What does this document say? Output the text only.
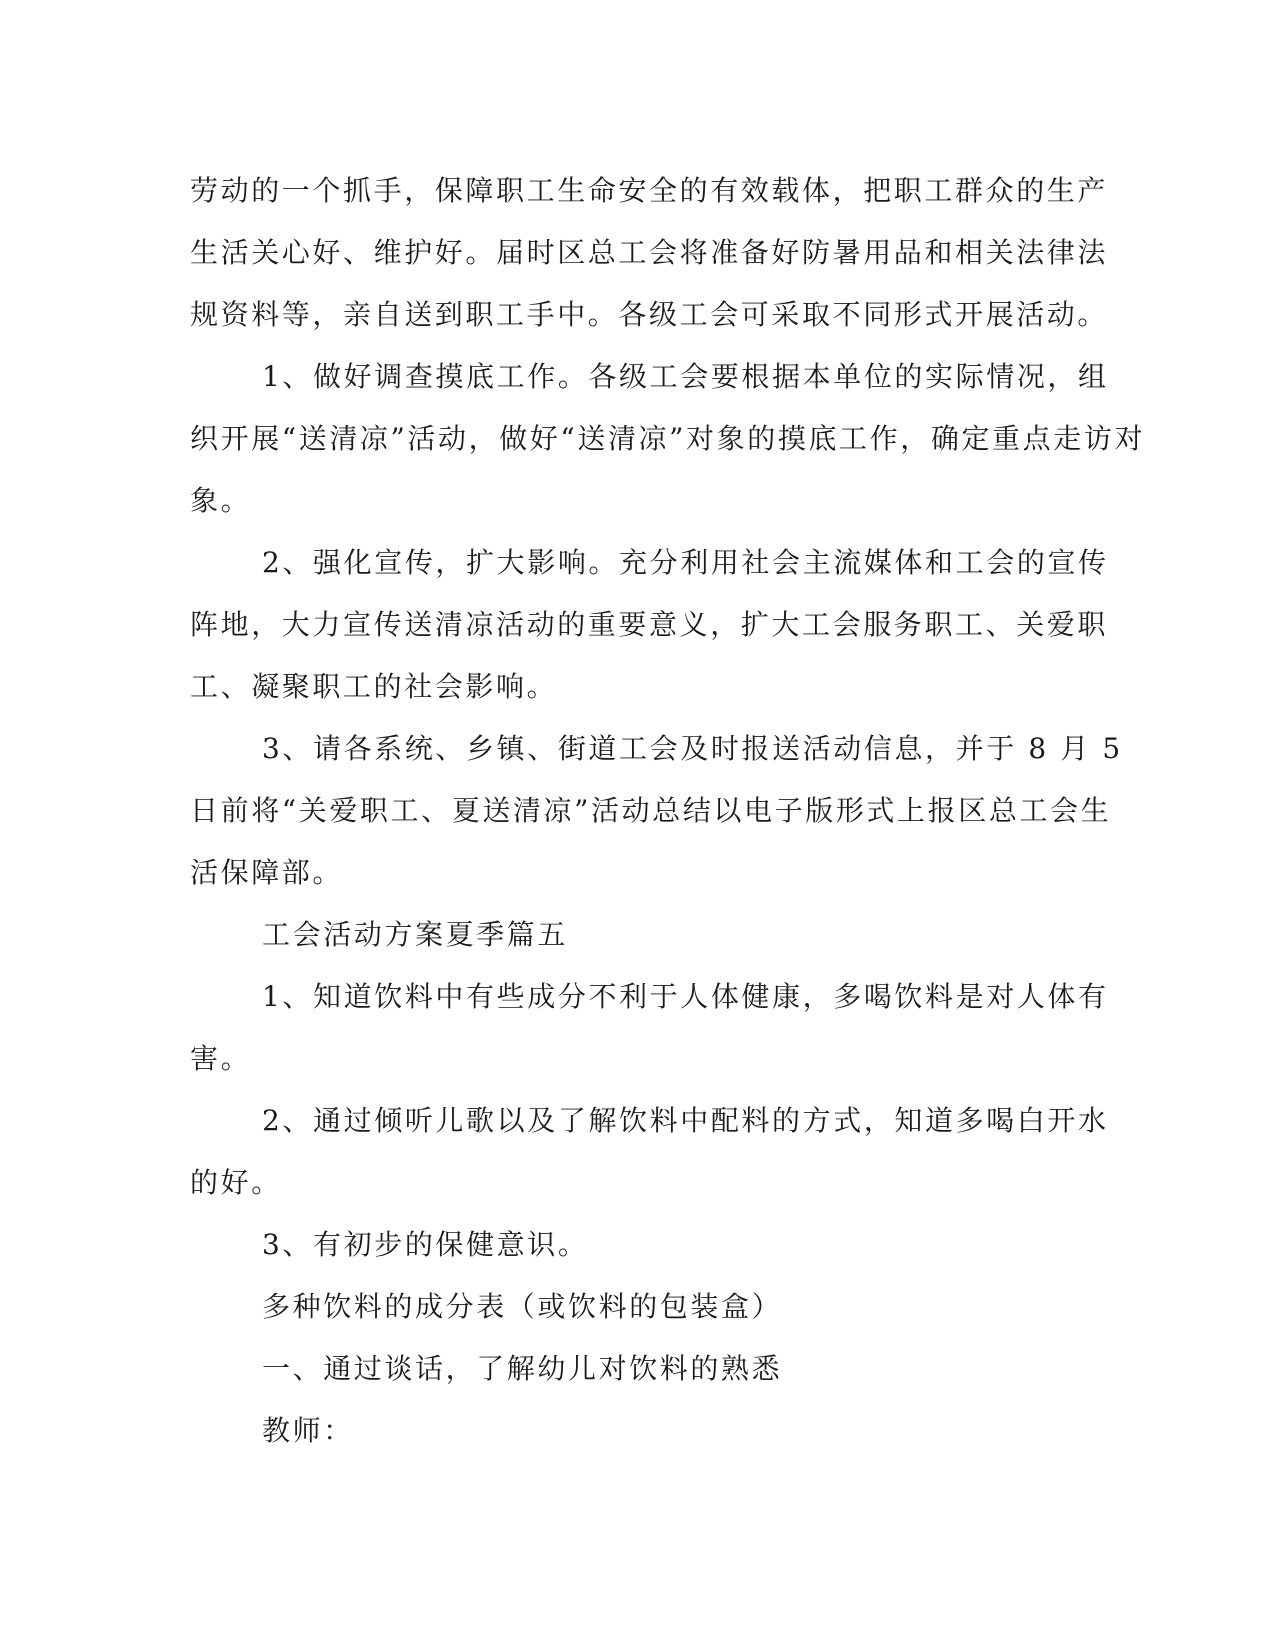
劳动的一个抓手，保障职工生命安全的有效载体，把职工群众的生产
生活关心好、维护好。届时区总工会将准备好防暑用品和相关法律法
规资料等，亲自送到职工手中。各级工会可采取不同形式开展活动。
1、做好调查摸底工作。各级工会要根据本单位的实际情况，组
织开展“送清凉”活动，做好“送清凉”对象的摸底工作，确定重点走访对
象。
2、强化宣传，扩大影响。充分利用社会主流媒体和工会的宣传
阵地，大力宣传送清凉活动的重要意义，扩大工会服务职工、关爱职
工、凝聚职工的社会影响。
3、请各系统、乡镇、街道工会及时报送活动信息，并于 8 月 5
日前将“关爱职工、夏送清凉”活动总结以电子版形式上报区总工会生
活保障部。
工会活动方案夏季篇五
1、知道饮料中有些成分不利于人体健康，多喝饮料是对人体有
害。
2、通过倾听儿歌以及了解饮料中配料的方式，知道多喝白开水
的好。
3、有初步的保健意识。
多种饮料的成分表（或饮料的包装盒）
一、通过谈话，了解幼儿对饮料的熟悉
教师：
